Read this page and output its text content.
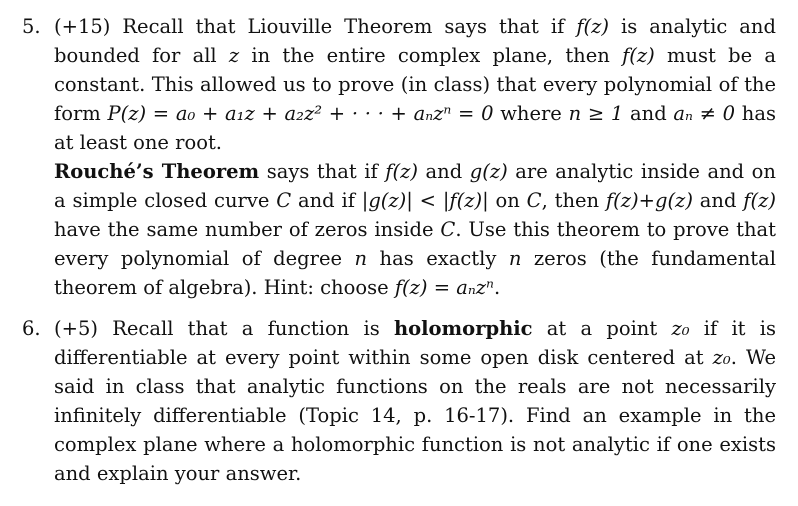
5. (+15) Recall that Liouville Theorem says that if f(z) is analytic and bounded for all z in the entire complex plane, then f(z) must be a constant. This allowed us to prove (in class) that every polynomial of the form P(z) = a₀ + a₁z + a₂z² + · · · + aₙzⁿ = 0 where n ≥ 1 and aₙ ≠ 0 has at least one root.

Rouché’s Theorem says that if f(z) and g(z) are analytic inside and on a simple closed curve C and if |g(z)| < |f(z)| on C, then f(z)+g(z) and f(z) have the same number of zeros inside C. Use this theorem to prove that every polynomial of degree n has exactly n zeros (the fundamental theorem of algebra). Hint: choose f(z) = aₙzⁿ.

6. (+5) Recall that a function is holomorphic at a point z₀ if it is differentiable at every point within some open disk centered at z₀. We said in class that analytic functions on the reals are not necessarily infinitely differentiable (Topic 14, p. 16-17). Find an example in the complex plane where a holomorphic function is not analytic if one exists and explain your answer.
